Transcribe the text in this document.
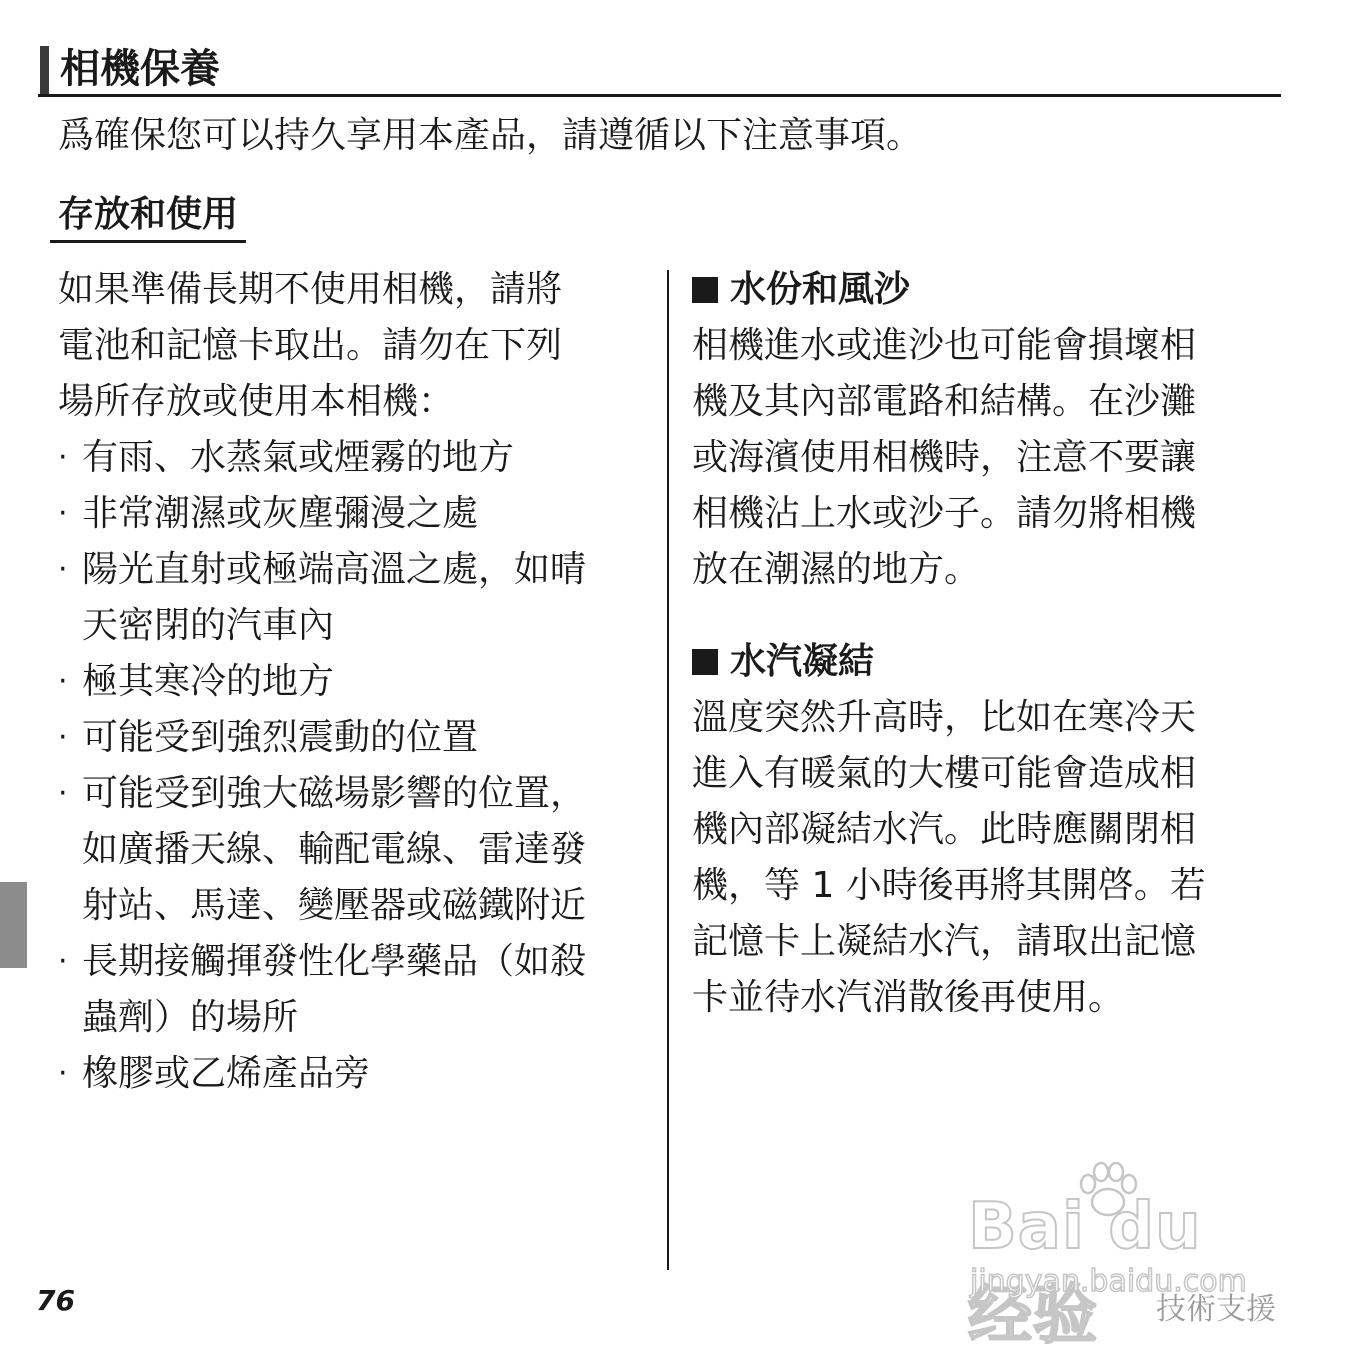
相機保養
爲確保您可以持久享用本產品，請遵循以下注意事項。
存放和使用

如果準備長期不使用相機，請將

電池和記憶卡取出。請勿在下列

場所存放或使用本相機：

· 有雨、水蒸氣或煙霧的地方
· 非常潮濕或灰塵彌漫之處
· 陽光直射或極端高溫之處，如晴
天密閉的汽車內
· 極其寒冷的地方
· 可能受到強烈震動的位置
· 可能受到強大磁場影響的位置，
如廣播天線、輸配電線、雷達發
射站、馬達、變壓器或磁鐵附近
· 長期接觸揮發性化學藥品（如殺
蟲劑）的場所
· 橡膠或乙烯產品旁
水份和風沙

相機進水或進沙也可能會損壞相

機及其內部電路和結構。在沙灘

或海濱使用相機時，注意不要讓

相機沾上水或沙子。請勿將相機

放在潮濕的地方。

水汽凝結

溫度突然升高時，比如在寒冷天

進入有暖氣的大樓可能會造成相

機內部凝結水汽。此時應關閉相

機，等 1 小時後再將其開啓。若

記憶卡上凝結水汽，請取出記憶

卡並待水汽消散後再使用。

76
Bai du 经验
jingyan.baidu.com
技術支援
